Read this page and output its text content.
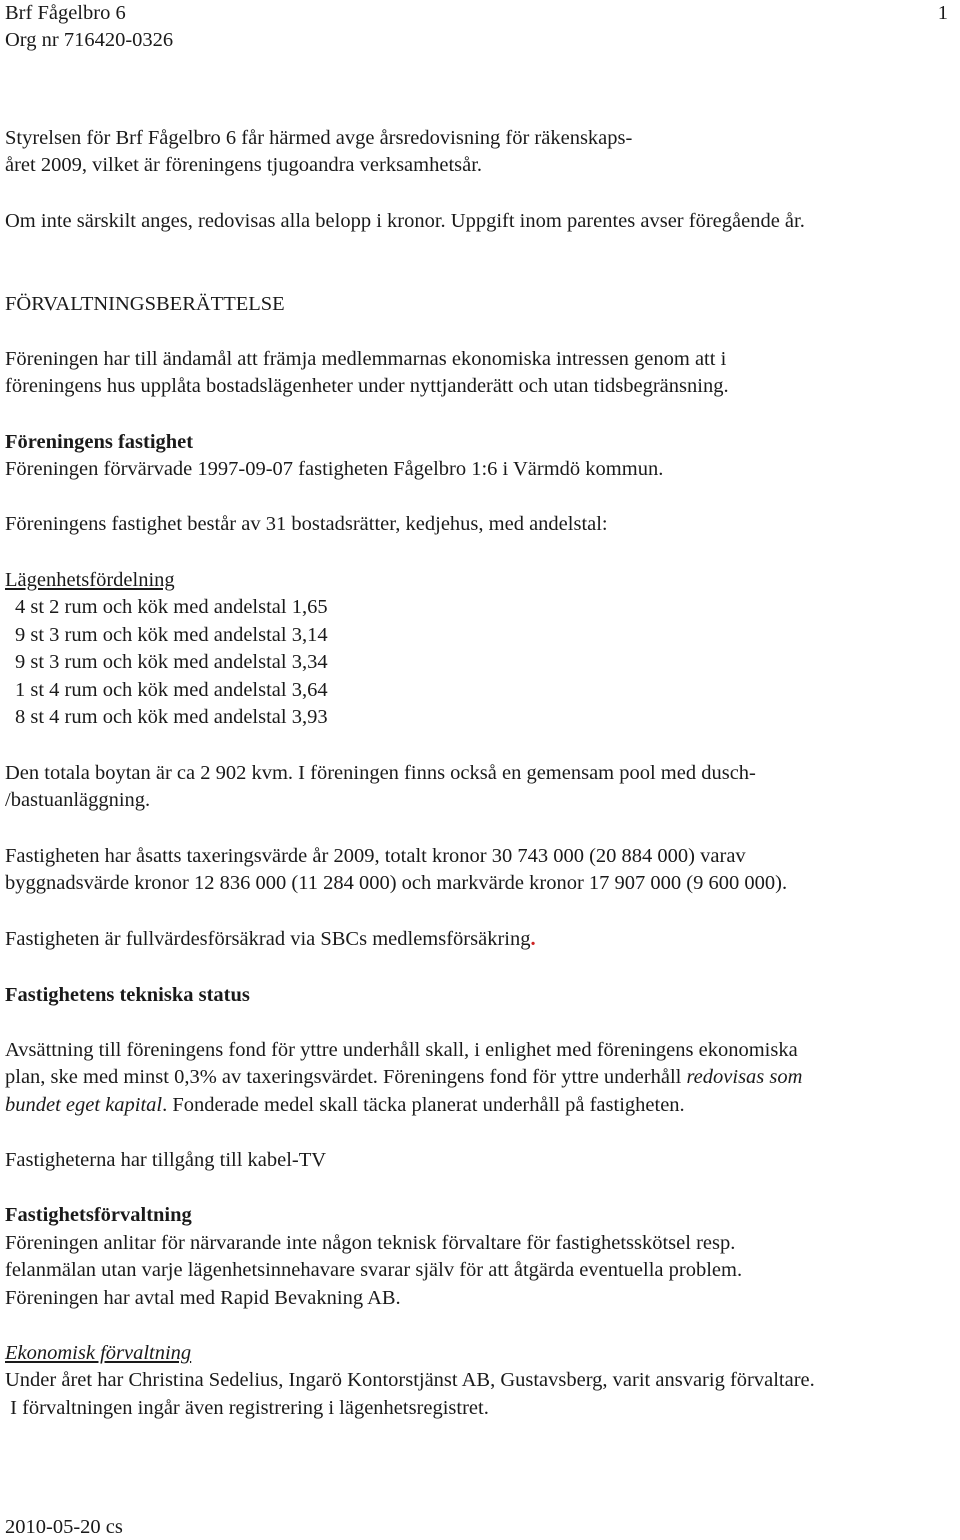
Brf Fågelbro 6	1
Org nr 716420-0326
Styrelsen för Brf Fågelbro 6 får härmed avge årsredovisning för räkenskaps-
året 2009, vilket är föreningens tjugoandra verksamhetsår.
Om inte särskilt anges, redovisas alla belopp i kronor. Uppgift inom parentes avser föregående år.
FÖRVALTNINGSBERÄTTELSE
Föreningen har till ändamål att främja medlemmarnas ekonomiska intressen genom att i
föreningens hus upplåta bostadslägenheter under nyttjanderätt och utan tidsbegränsning.
Föreningens fastighet
Föreningen förvärvade 1997-09-07 fastigheten Fågelbro 1:6 i Värmdö kommun.
Föreningens fastighet består av 31 bostadsrätter, kedjehus, med andelstal:
Lägenhetsfördelning
4 st 2 rum och kök med andelstal 1,65
9 st 3 rum och kök med andelstal 3,14
9 st 3 rum och kök med andelstal 3,34
1 st 4 rum och kök med andelstal 3,64
8 st 4 rum och kök med andelstal 3,93
Den totala boytan är ca 2 902 kvm. I föreningen finns också en gemensam pool med dusch-
/bastuanläggning.
Fastigheten har åsatts taxeringsvärde år 2009, totalt kronor 30 743 000 (20 884 000) varav
byggnadsvärde kronor 12 836 000 (11 284 000) och markvärde kronor 17 907 000 (9 600 000).
Fastigheten är fullvärdesförsäkrad via SBCs medlemsförsäkring.
Fastighetens tekniska status
Avsättning till föreningens fond för yttre underhåll skall, i enlighet med föreningens ekonomiska
plan, ske med minst 0,3% av taxeringsvärdet. Föreningens fond för yttre underhåll redovisas som
bundet eget kapital. Fonderade medel skall täcka planerat underhåll på fastigheten.
Fastigheterna har tillgång till kabel-TV
Fastighetsförvaltning
Föreningen anlitar för närvarande inte någon teknisk förvaltare för fastighetsskötsel resp.
felanmälan utan varje lägenhetsinnehavare svarar själv för att åtgärda eventuella problem.
Föreningen har avtal med Rapid Bevakning AB.
Ekonomisk förvaltning
Under året har Christina Sedelius, Ingarö Kontorstjänst AB, Gustavsberg, varit ansvarig förvaltare.
I förvaltningen ingår även registrering i lägenhetsregistret.
2010-05-20 cs
